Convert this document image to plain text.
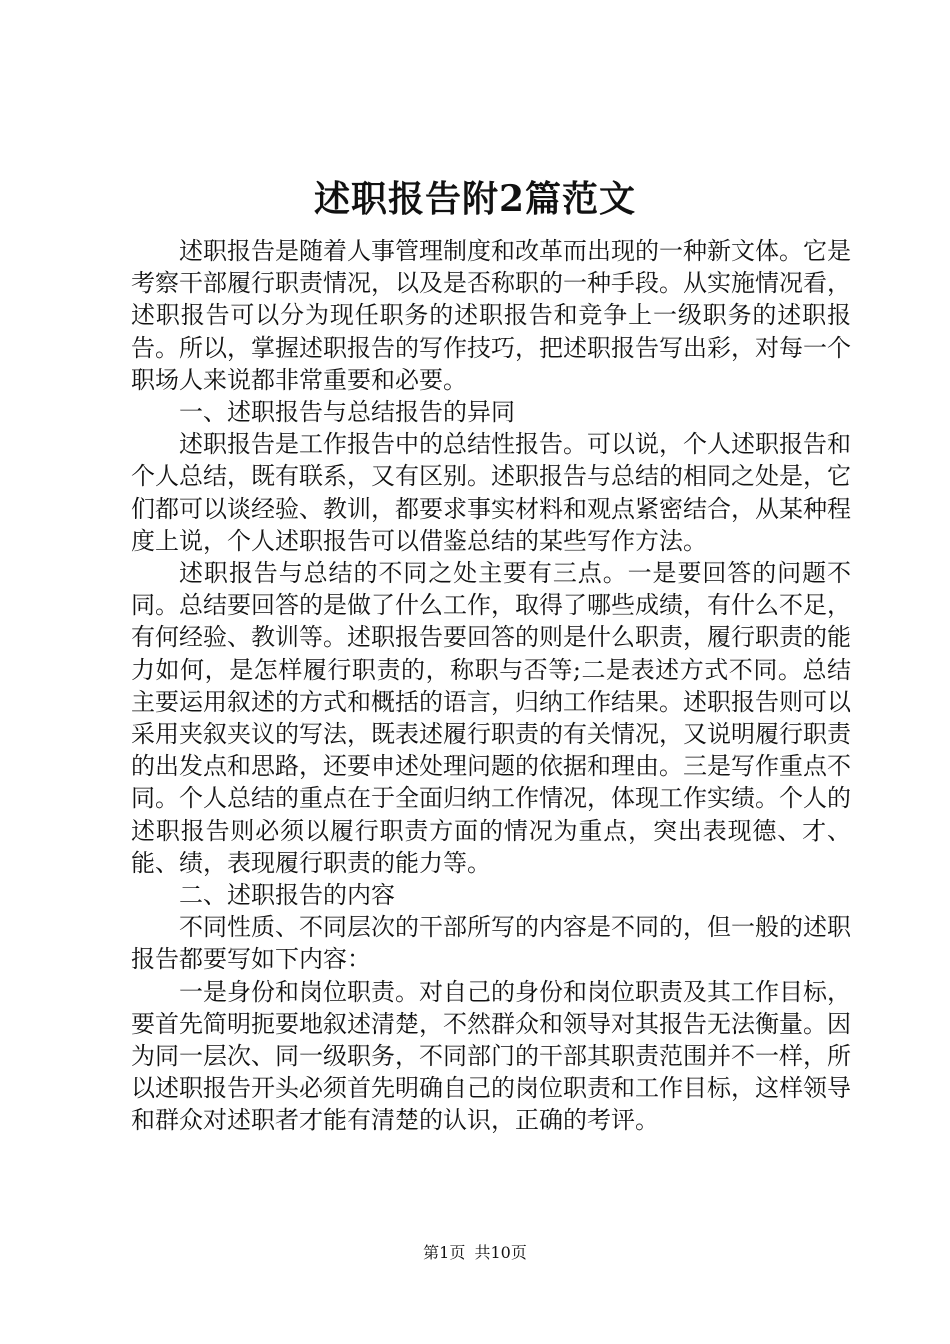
述职报告附2篇范文

述职报告是随着人事管理制度和改革而出现的一种新文体。它是考察干部履行职责情况，以及是否称职的一种手段。从实施情况看，述职报告可以分为现任职务的述职报告和竞争上一级职务的述职报告。所以，掌握述职报告的写作技巧，把述职报告写出彩，对每一个职场人来说都非常重要和必要。

一、述职报告与总结报告的异同

述职报告是工作报告中的总结性报告。可以说，个人述职报告和个人总结，既有联系，又有区别。述职报告与总结的相同之处是，它们都可以谈经验、教训，都要求事实材料和观点紧密结合，从某种程度上说，个人述职报告可以借鉴总结的某些写作方法。

述职报告与总结的不同之处主要有三点。一是要回答的问题不同。总结要回答的是做了什么工作，取得了哪些成绩，有什么不足，有何经验、教训等。述职报告要回答的则是什么职责，履行职责的能力如何，是怎样履行职责的，称职与否等;二是表述方式不同。总结主要运用叙述的方式和概括的语言，归纳工作结果。述职报告则可以采用夹叙夹议的写法，既表述履行职责的有关情况，又说明履行职责的出发点和思路，还要申述处理问题的依据和理由。三是写作重点不同。个人总结的重点在于全面归纳工作情况，体现工作实绩。个人的述职报告则必须以履行职责方面的情况为重点，突出表现德、才、能、绩，表现履行职责的能力等。

二、述职报告的内容

不同性质、不同层次的干部所写的内容是不同的，但一般的述职报告都要写如下内容：

一是身份和岗位职责。对自己的身份和岗位职责及其工作目标，要首先简明扼要地叙述清楚，不然群众和领导对其报告无法衡量。因为同一层次、同一级职务，不同部门的干部其职责范围并不一样，所以述职报告开头必须首先明确自己的岗位职责和工作目标，这样领导和群众对述职者才能有清楚的认识，正确的考评。

第1页 共10页
